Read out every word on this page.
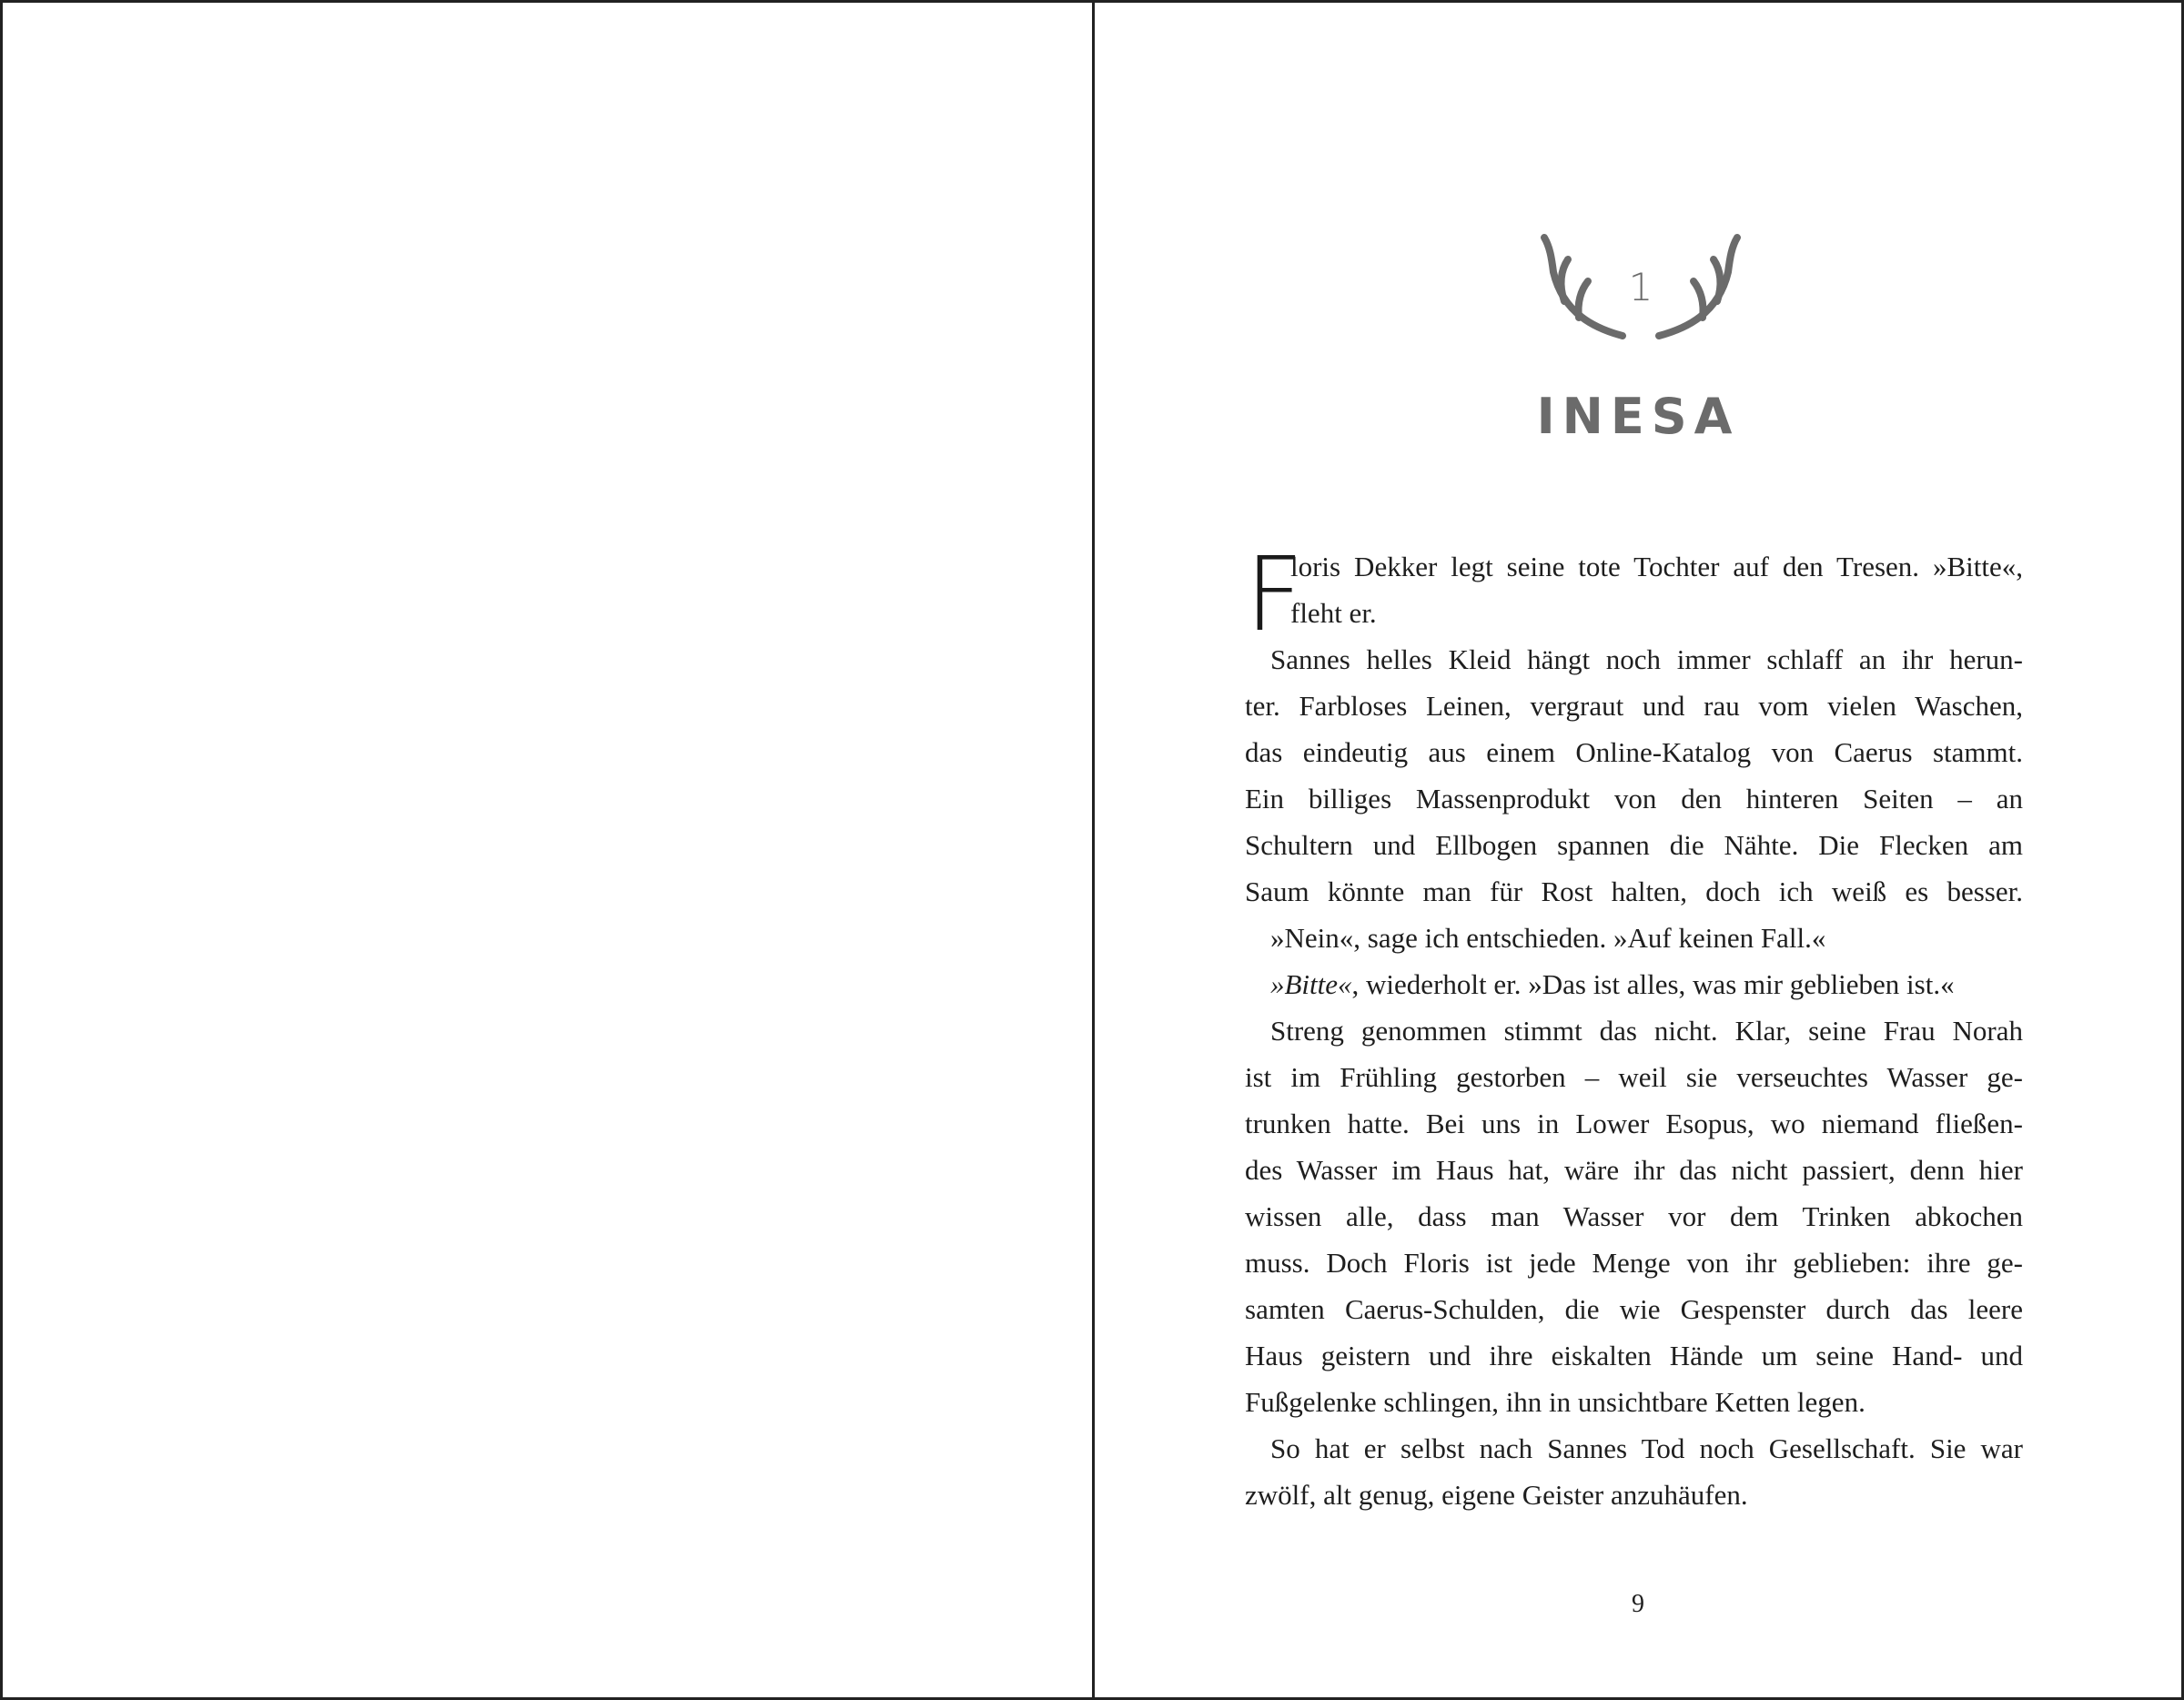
1
INESA
F
loris Dekker legt seine tote Tochter auf den Tresen. »Bitte«,
fleht er.
Sannes helles Kleid hängt noch immer schlaff an ihr herun-
ter. Farbloses Leinen, vergraut und rau vom vielen Waschen,
das eindeutig aus einem Online-Katalog von Caerus stammt.
Ein billiges Massenprodukt von den hinteren Seiten – an
Schultern und Ellbogen spannen die Nähte. Die Flecken am
Saum könnte man für Rost halten, doch ich weiß es besser.
»Nein«, sage ich entschieden. »Auf keinen Fall.«
»Bitte«, wiederholt er. »Das ist alles, was mir geblieben ist.«
Streng genommen stimmt das nicht. Klar, seine Frau Norah
ist im Frühling gestorben – weil sie verseuchtes Wasser ge-
trunken hatte. Bei uns in Lower Esopus, wo niemand fließen-
des Wasser im Haus hat, wäre ihr das nicht passiert, denn hier
wissen alle, dass man Wasser vor dem Trinken abkochen
muss. Doch Floris ist jede Menge von ihr geblieben: ihre ge-
samten Caerus-Schulden, die wie Gespenster durch das leere
Haus geistern und ihre eiskalten Hände um seine Hand- und
Fußgelenke schlingen, ihn in unsichtbare Ketten legen.
So hat er selbst nach Sannes Tod noch Gesellschaft. Sie war
zwölf, alt genug, eigene Geister anzuhäufen.
9
